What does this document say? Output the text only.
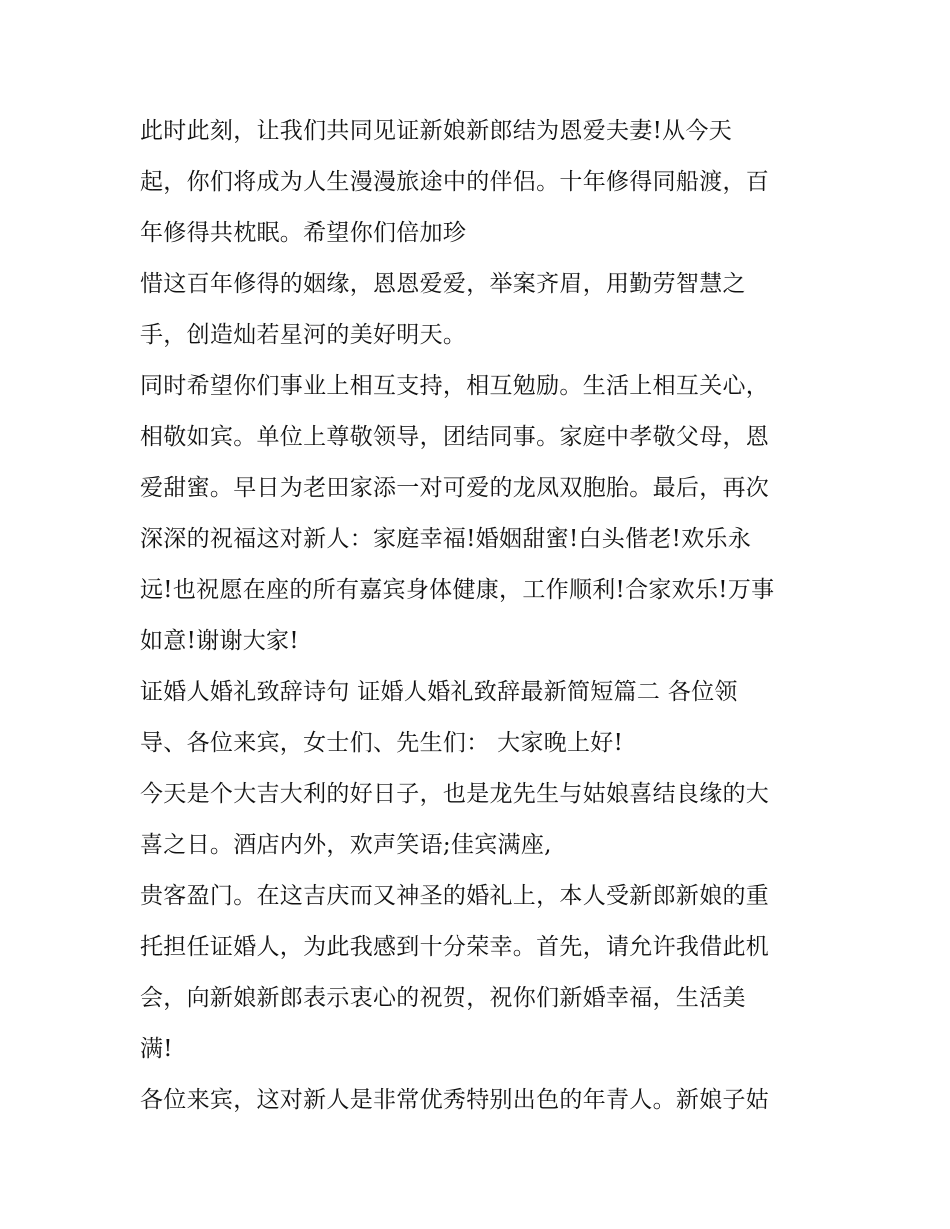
此时此刻，让我们共同见证新娘新郎结为恩爱夫妻!从今天
起，你们将成为人生漫漫旅途中的伴侣。十年修得同船渡，百
年修得共枕眠。希望你们倍加珍
惜这百年修得的姻缘，恩恩爱爱，举案齐眉，用勤劳智慧之
手，创造灿若星河的美好明天。
同时希望你们事业上相互支持，相互勉励。生活上相互关心，
相敬如宾。单位上尊敬领导，团结同事。家庭中孝敬父母，恩
爱甜蜜。早日为老田家添一对可爱的龙凤双胞胎。最后，再次
深深的祝福这对新人：家庭幸福!婚姻甜蜜!白头偕老!欢乐永
远!也祝愿在座的所有嘉宾身体健康，工作顺利!合家欢乐!万事
如意!谢谢大家!
证婚人婚礼致辞诗句 证婚人婚礼致辞最新简短篇二 各位领
导、各位来宾，女士们、先生们： 大家晚上好!
今天是个大吉大利的好日子，也是龙先生与姑娘喜结良缘的大
喜之日。酒店内外，欢声笑语;佳宾满座,
贵客盈门。在这吉庆而又神圣的婚礼上，本人受新郎新娘的重
托担任证婚人，为此我感到十分荣幸。首先，请允许我借此机
会，向新娘新郎表示衷心的祝贺，祝你们新婚幸福，生活美
满!
各位来宾，这对新人是非常优秀特别出色的年青人。新娘子姑
